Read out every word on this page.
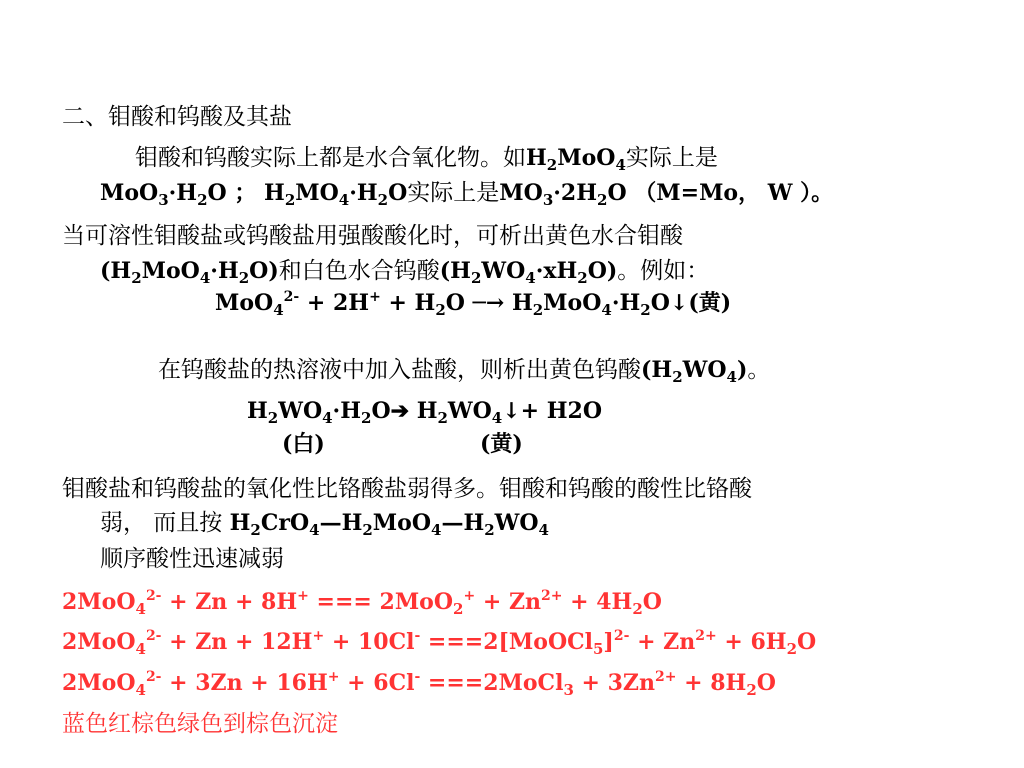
二、钼酸和钨酸及其盐
钼酸和钨酸实际上都是水合氧化物。如$H_2MoO_4$实际上是
$MoO_3\cdot H_2O$ ； $H_2MO_4\cdot H_2O$实际上是$MO_3\cdot 2H_2O$ （M=Mo， W ）。
当可溶性钼酸盐或钨酸盐用强酸酸化时，可析出黄色水合钼酸
$(H_2MoO_4\cdot H_2O)$和白色水合钨酸$(H_2WO_4\cdot xH_2O)$。例如：
$MoO_4^{2-} + 2H^+ + H_2O$ ─→ $H_2MoO_4\cdot H_2O↓$(黄)
在钨酸盐的热溶液中加入盐酸，则析出黄色钨酸$(H_2WO_4)$。
$H_2WO_4\cdot H_2O➔$ $H_2WO_4↓+ H2O$
(白)	(黄)
钼酸盐和钨酸盐的氧化性比铬酸盐弱得多。钼酸和钨酸的酸性比铬酸
弱， 而且按 $H_2CrO_4—H_2MoO_4—H_2WO_4$
顺序酸性迅速减弱
2MoO$_4^{2-}$ + Zn + 8H+ === $2MoO_2^+ + Zn^{2+} + 4H_2O$
2MoO$_4^{2-}$ + Zn + 12H+ + 10Cl- ===2[MoOCl$_5$]$^{2-}$ + $Zn^{2+} + 6H_2O$
2MoO$_4^{2-}$ + 3Zn + 16H+ + 6Cl- ===2MoCl$_3$ + $3Zn^{2+} + 8H_2O$
蓝色红棕色绿色到棕色沉淀
